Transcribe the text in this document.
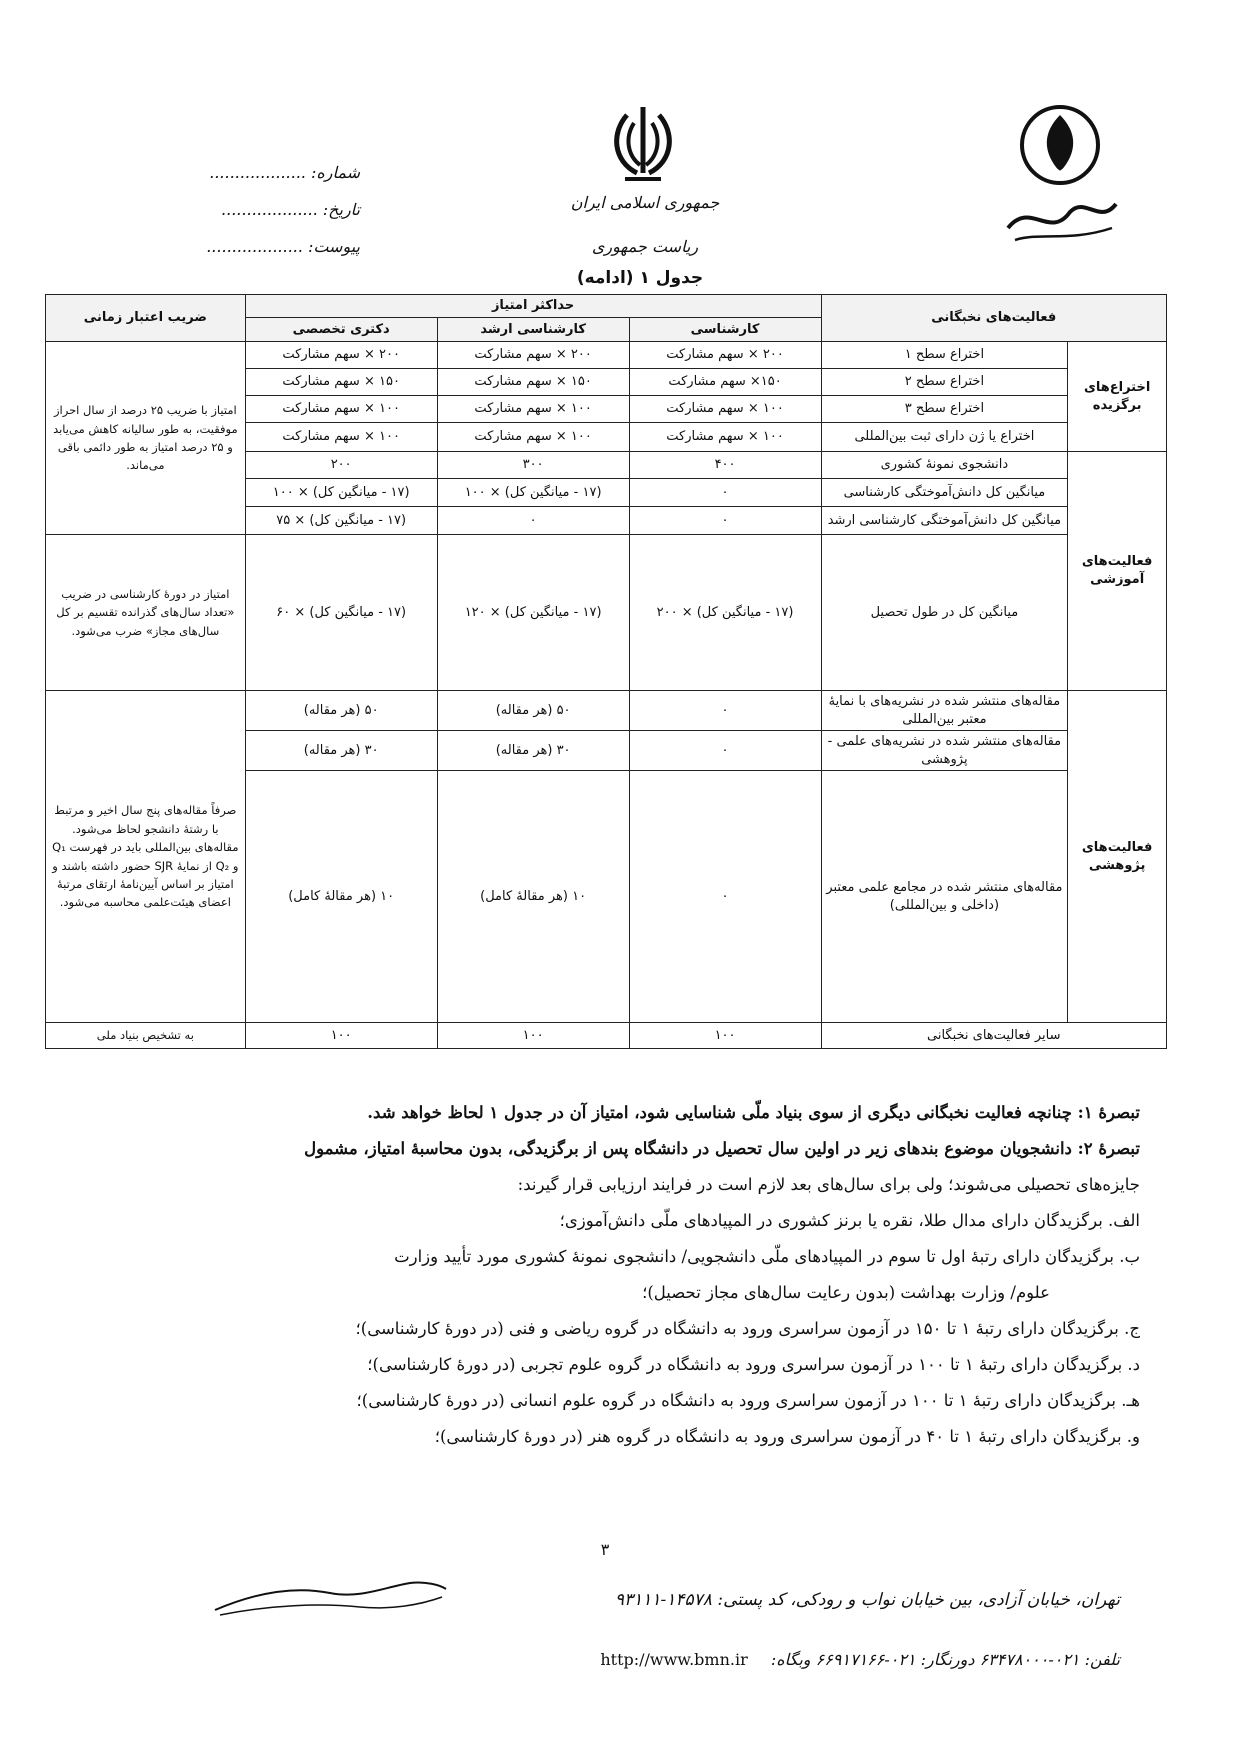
جمهوری اسلامی ایران
ریاست جمهوری
شماره: ...................
تاریخ: ...................
پیوست: ...................
جدول ۱ (ادامه)
فعالیت‌های نخبگانی		حداکثر امتیاز			ضریب اعتبار زمانی
		کارشناسی	کارشناسی ارشد	دکتری تخصصی	
اختراع‌های برگزیده	اختراع سطح ۱	۲۰۰ × سهم مشارکت	۲۰۰ × سهم مشارکت	۲۰۰ × سهم مشارکت	امتیاز با ضریب ۲۵ درصد از سال احراز موفقیت، به طور سالیانه کاهش می‌یابد و ۲۵ درصد امتیاز به طور دائمی باقی می‌ماند.
	اختراع سطح ۲	۱۵۰× سهم مشارکت	۱۵۰ × سهم مشارکت	۱۵۰ × سهم مشارکت	
	اختراع سطح ۳	۱۰۰ × سهم مشارکت	۱۰۰ × سهم مشارکت	۱۰۰ × سهم مشارکت	
	اختراع یا ژن دارای ثبت بین‌المللی	۱۰۰ × سهم مشارکت	۱۰۰ × سهم مشارکت	۱۰۰ × سهم مشارکت	
فعالیت‌های آموزشی	دانشجوی نمونهٔ کشوری	۴۰۰	۳۰۰	۲۰۰	
	میانگین کل دانش‌آموختگی کارشناسی	۰	(۱۷ - میانگین کل) × ۱۰۰	(۱۷ - میانگین کل) × ۱۰۰	
	میانگین کل دانش‌آموختگی کارشناسی ارشد	۰	۰	(۱۷ - میانگین کل) × ۷۵	
	میانگین کل در طول تحصیل	(۱۷ - میانگین کل) × ۲۰۰	(۱۷ - میانگین کل) × ۱۲۰	(۱۷ - میانگین کل) × ۶۰	امتیاز در دورهٔ کارشناسی در ضریب «تعداد سال‌های گذرانده تقسیم بر کل سال‌های مجاز» ضرب می‌شود.
فعالیت‌های پژوهشی	مقاله‌های منتشر شده در نشریه‌های با نمایهٔ معتبر بین‌المللی	۰	۵۰ (هر مقاله)	۵۰ (هر مقاله)	صرفاً مقاله‌های پنج سال اخیر و مرتبط با رشتهٔ دانشجو لحاظ می‌شود. مقاله‌های بین‌المللی باید در فهرست Q₁ و Q₂ از نمایهٔ SJR حضور داشته باشند و امتیاز بر اساس آیین‌نامهٔ ارتقای مرتبهٔ اعضای هیئت‌علمی محاسبه می‌شود.
	مقاله‌های منتشر شده در نشریه‌های علمی - پژوهشی	۰	۳۰ (هر مقاله)	۳۰ (هر مقاله)	

	مقاله‌های منتشر شده در مجامع علمی معتبر
(داخلی و بین‌المللی)	۰	۱۰ (هر مقالهٔ کامل)	۱۰ (هر مقالهٔ کامل)	
سایر فعالیت‌های نخبگانی		۱۰۰	۱۰۰	۱۰۰	به تشخیص بنیاد ملی

تبصرهٔ ۱: چنانچه فعالیت نخبگانی دیگری از سوی بنیاد ملّی شناسایی شود، امتیاز آن در جدول ۱ لحاظ خواهد شد.

تبصرهٔ ۲: دانشجویان موضوع بندهای زیر در اولین سال تحصیل در دانشگاه پس از برگزیدگی، بدون محاسبهٔ امتیاز، مشمول

جایزه‌های تحصیلی می‌شوند؛ ولی برای سال‌های بعد لازم است در فرایند ارزیابی قرار گیرند:

الف. برگزیدگان دارای مدال طلا، نقره یا برنز کشوری در المپیادهای ملّی دانش‌آموزی؛

ب. برگزیدگان دارای رتبهٔ اول تا سوم در المپیادهای ملّی دانشجویی/ دانشجوی نمونهٔ کشوری مورد تأیید وزارت

علوم/ وزارت بهداشت (بدون رعایت سال‌های مجاز تحصیل)؛

ج. برگزیدگان دارای رتبهٔ ۱ تا ۱۵۰ در آزمون سراسری ورود به دانشگاه در گروه ریاضی و فنی (در دورهٔ کارشناسی)؛

د. برگزیدگان دارای رتبهٔ ۱ تا ۱۰۰ در آزمون سراسری ورود به دانشگاه در گروه علوم تجربی (در دورهٔ کارشناسی)؛

هـ. برگزیدگان دارای رتبهٔ ۱ تا ۱۰۰ در آزمون سراسری ورود به دانشگاه در گروه علوم انسانی (در دورهٔ کارشناسی)؛

و. برگزیدگان دارای رتبهٔ ۱ تا ۴۰ در آزمون سراسری ورود به دانشگاه در گروه هنر (در دورهٔ کارشناسی)؛

۳
تهران، خیابان آزادی، بین خیابان نواب و رودکی، کد پستی: ۱۴۵۷۸-۹۳۱۱۱
تلفن: ۰۲۱-۶۳۴۷۸۰۰۰ دورنگار: ۰۲۱-۶۶۹۱۷۱۶۶ وبگاه: http://www.bmn.ir
